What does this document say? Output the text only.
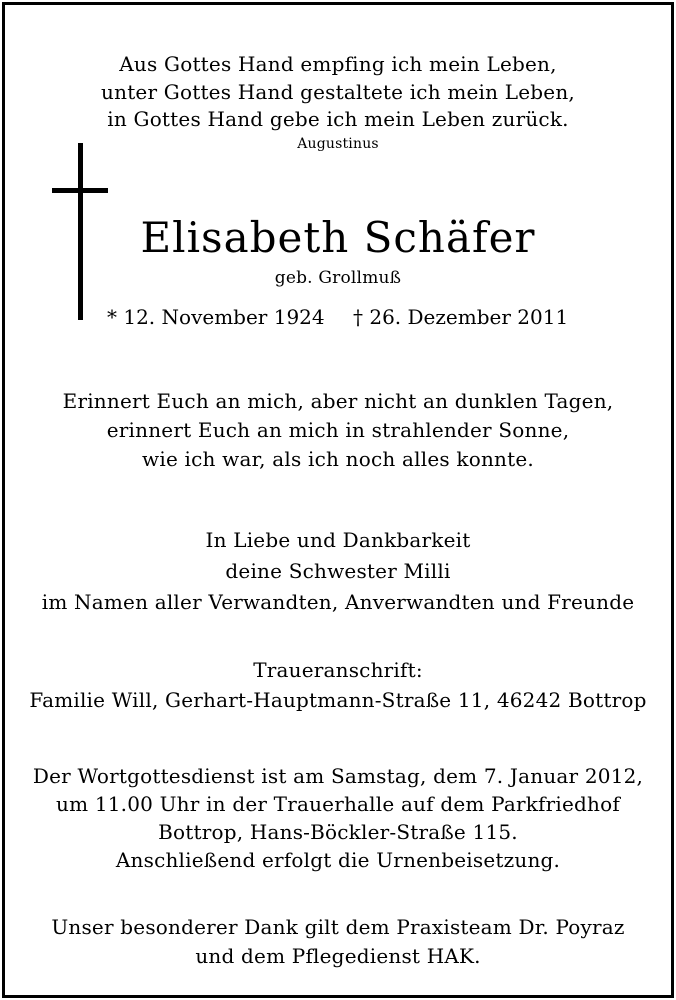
Aus Gottes Hand empfing ich mein Leben,
unter Gottes Hand gestaltete ich mein Leben,
in Gottes Hand gebe ich mein Leben zurück.
Augustinus
Elisabeth Schäfer
geb. Grollmuß
* 12. November 1924 † 26. Dezember 2011
Erinnert Euch an mich, aber nicht an dunklen Tagen,
erinnert Euch an mich in strahlender Sonne,
wie ich war, als ich noch alles konnte.
In Liebe und Dankbarkeit
deine Schwester Milli
im Namen aller Verwandten, Anverwandten und Freunde
Traueranschrift:
Familie Will, Gerhart-Hauptmann-Straße 11, 46242 Bottrop
Der Wortgottesdienst ist am Samstag, dem 7. Januar 2012,
um 11.00 Uhr in der Trauerhalle auf dem Parkfriedhof
Bottrop, Hans-Böckler-Straße 115.
Anschließend erfolgt die Urnenbeisetzung.
Unser besonderer Dank gilt dem Praxisteam Dr. Poyraz
und dem Pflegedienst HAK.
